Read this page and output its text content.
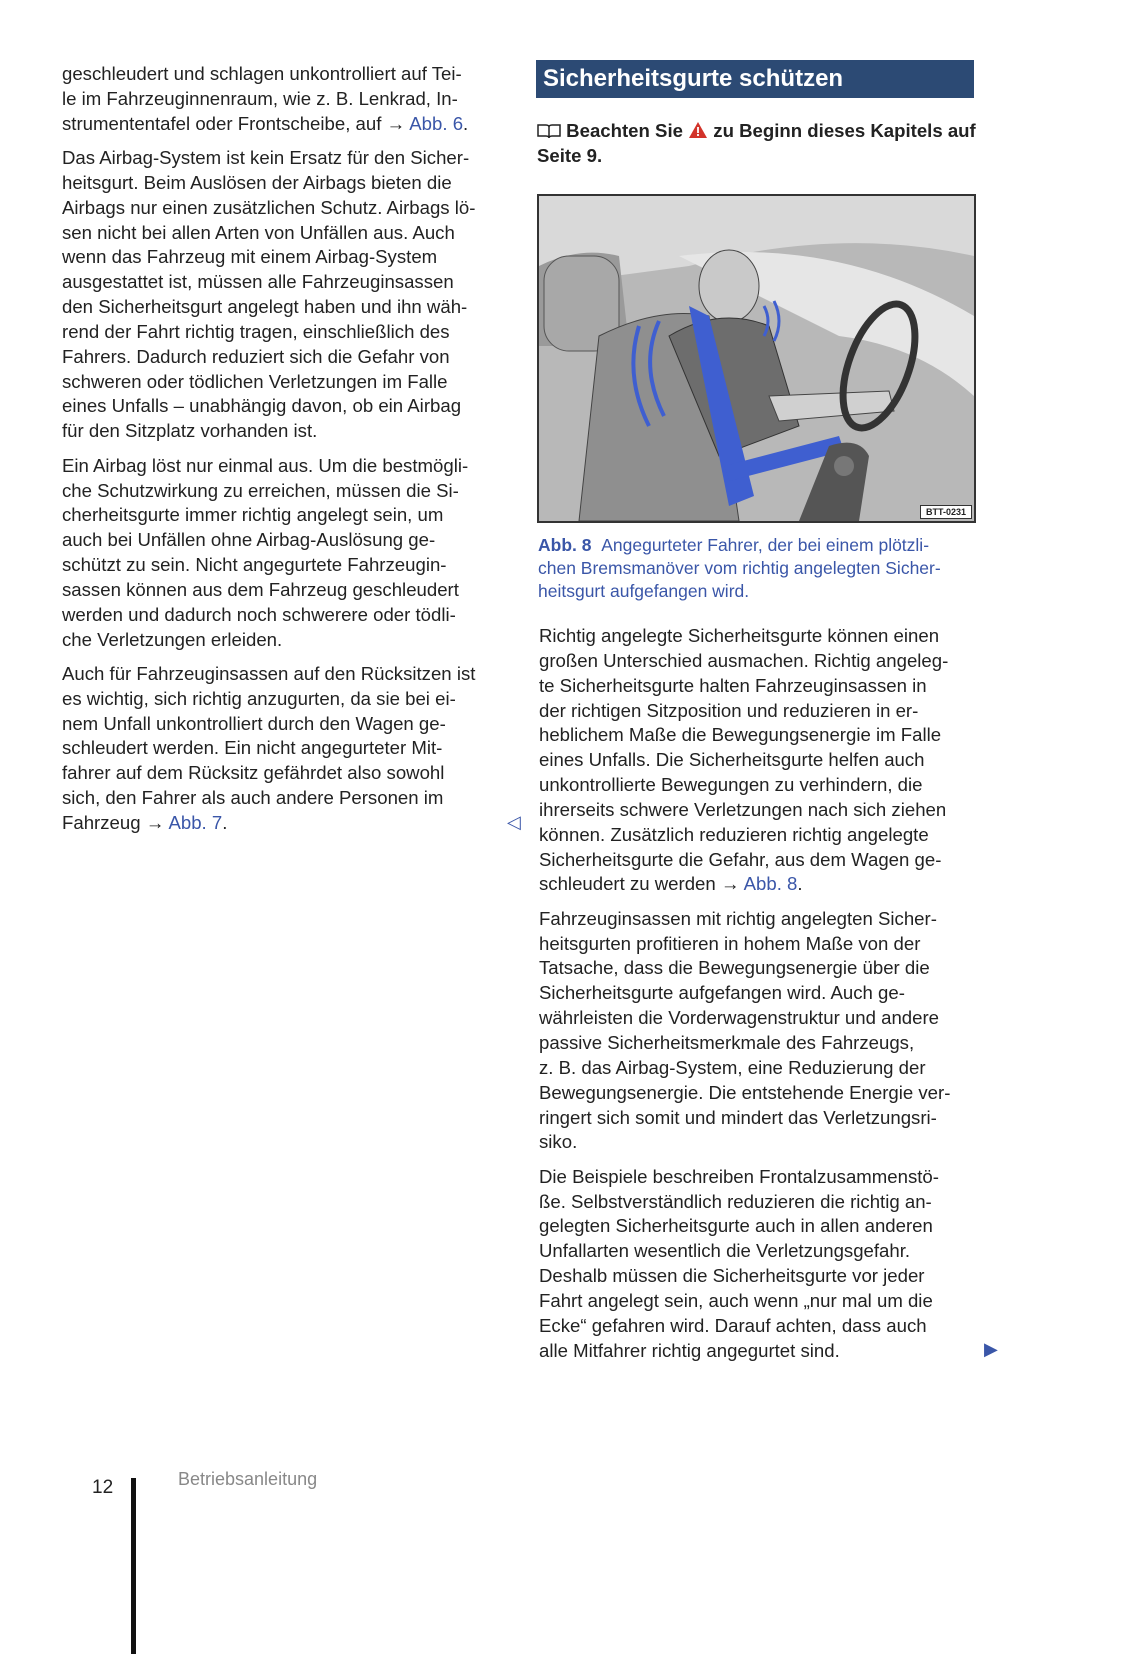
geschleudert und schlagen unkontrolliert auf Tei-
le im Fahrzeuginnenraum, wie z. B. Lenkrad, In-
strumententafel oder Frontscheibe, auf → Abb. 6.
Das Airbag-System ist kein Ersatz für den Sicher-
heitsgurt. Beim Auslösen der Airbags bieten die
Airbags nur einen zusätzlichen Schutz. Airbags lö-
sen nicht bei allen Arten von Unfällen aus. Auch
wenn das Fahrzeug mit einem Airbag-System
ausgestattet ist, müssen alle Fahrzeuginsassen
den Sicherheitsgurt angelegt haben und ihn wäh-
rend der Fahrt richtig tragen, einschließlich des
Fahrers. Dadurch reduziert sich die Gefahr von
schweren oder tödlichen Verletzungen im Falle
eines Unfalls – unabhängig davon, ob ein Airbag
für den Sitzplatz vorhanden ist.
Ein Airbag löst nur einmal aus. Um die bestmögli-
che Schutzwirkung zu erreichen, müssen die Si-
cherheitsgurte immer richtig angelegt sein, um
auch bei Unfällen ohne Airbag-Auslösung ge-
schützt zu sein. Nicht angegurtete Fahrzeugin-
sassen können aus dem Fahrzeug geschleudert
werden und dadurch noch schwerere oder tödli-
che Verletzungen erleiden.
Auch für Fahrzeuginsassen auf den Rücksitzen ist
es wichtig, sich richtig anzugurten, da sie bei ei-
nem Unfall unkontrolliert durch den Wagen ge-
schleudert werden. Ein nicht angegurteter Mit-
fahrer auf dem Rücksitz gefährdet also sowohl
sich, den Fahrer als auch andere Personen im
Fahrzeug → Abb. 7.	◁
Sicherheitsgurte schützen
Beachten Sie zu Beginn dieses Kapitels auf
Seite 9.
BTT-0231
Abb. 8 Angegurteter Fahrer, der bei einem plötzli-
chen Bremsmanöver vom richtig angelegten Sicher-
heitsgurt aufgefangen wird.
Richtig angelegte Sicherheitsgurte können einen
großen Unterschied ausmachen. Richtig angeleg-
te Sicherheitsgurte halten Fahrzeuginsassen in
der richtigen Sitzposition und reduzieren in er-
heblichem Maße die Bewegungsenergie im Falle
eines Unfalls. Die Sicherheitsgurte helfen auch
unkontrollierte Bewegungen zu verhindern, die
ihrerseits schwere Verletzungen nach sich ziehen
können. Zusätzlich reduzieren richtig angelegte
Sicherheitsgurte die Gefahr, aus dem Wagen ge-
schleudert zu werden → Abb. 8.
Fahrzeuginsassen mit richtig angelegten Sicher-
heitsgurten profitieren in hohem Maße von der
Tatsache, dass die Bewegungsenergie über die
Sicherheitsgurte aufgefangen wird. Auch ge-
währleisten die Vorderwagenstruktur und andere
passive Sicherheitsmerkmale des Fahrzeugs,
z. B. das Airbag-System, eine Reduzierung der
Bewegungsenergie. Die entstehende Energie ver-
ringert sich somit und mindert das Verletzungsri-
siko.
Die Beispiele beschreiben Frontalzusammenstö-
ße. Selbstverständlich reduzieren die richtig an-
gelegten Sicherheitsgurte auch in allen anderen
Unfallarten wesentlich die Verletzungsgefahr.
Deshalb müssen die Sicherheitsgurte vor jeder
Fahrt angelegt sein, auch wenn „nur mal um die
Ecke“ gefahren wird. Darauf achten, dass auch
alle Mitfahrer richtig angegurtet sind.	▶
12	Betriebsanleitung
